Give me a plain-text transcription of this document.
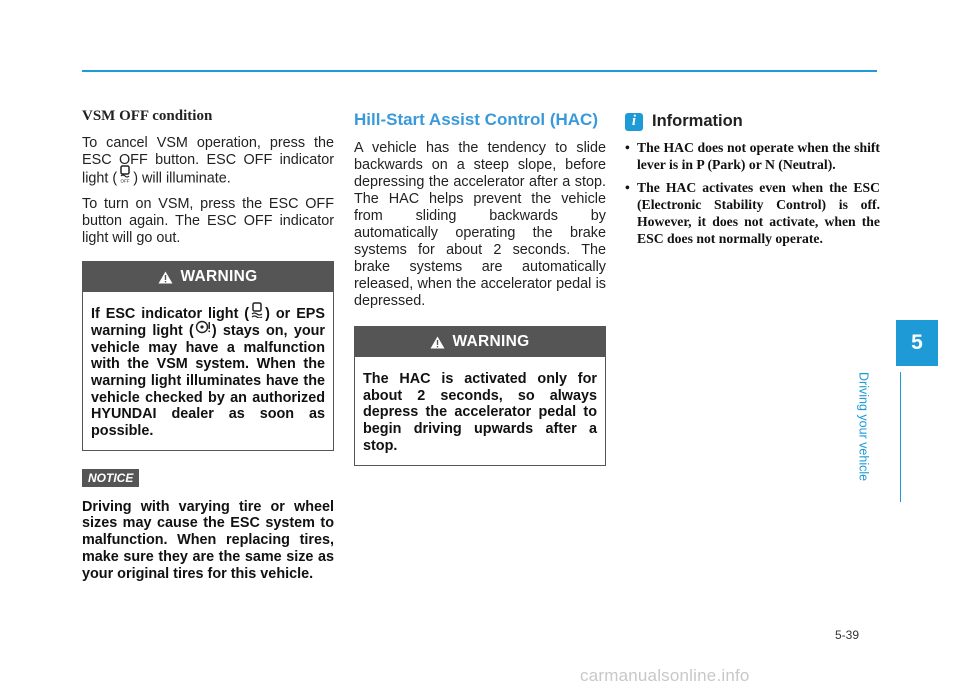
VSM OFF condition

To cancel VSM operation, press the ESC OFF button. ESC OFF indicator light ( OFF ) will illuminate.

To turn on VSM, press the ESC OFF button again. The ESC OFF indicator light will go out.

WARNING

If ESC indicator light ( ) or EPS warning light ( ) stays on, your vehicle may have a malfunction with the VSM system. When the warning light illuminates have the vehicle checked by an authorized HYUNDAI dealer as soon as possible.

NOTICE

Driving with varying tire or wheel sizes may cause the ESC system to malfunction. When replacing tires, make sure they are the same size as your original tires for this vehicle.

Hill-Start Assist Control (HAC)

A vehicle has the tendency to slide backwards on a steep slope, before depressing the accelerator after a stop. The HAC helps prevent the vehicle from sliding backwards by automatically operating the brake systems for about 2 seconds. The brake systems are automatically released, when the accelerator pedal is depressed.

WARNING

The HAC is activated only for about 2 seconds, so always depress the accelerator pedal to begin driving upwards after a stop.

i Information
• The HAC does not operate when the shift lever is in P (Park) or N (Neutral).
• The HAC activates even when the ESC (Electronic Stability Control) is off. However, it does not activate, when the ESC does not normally operate.
5
Driving your vehicle
5-39
carmanualsonline.info
